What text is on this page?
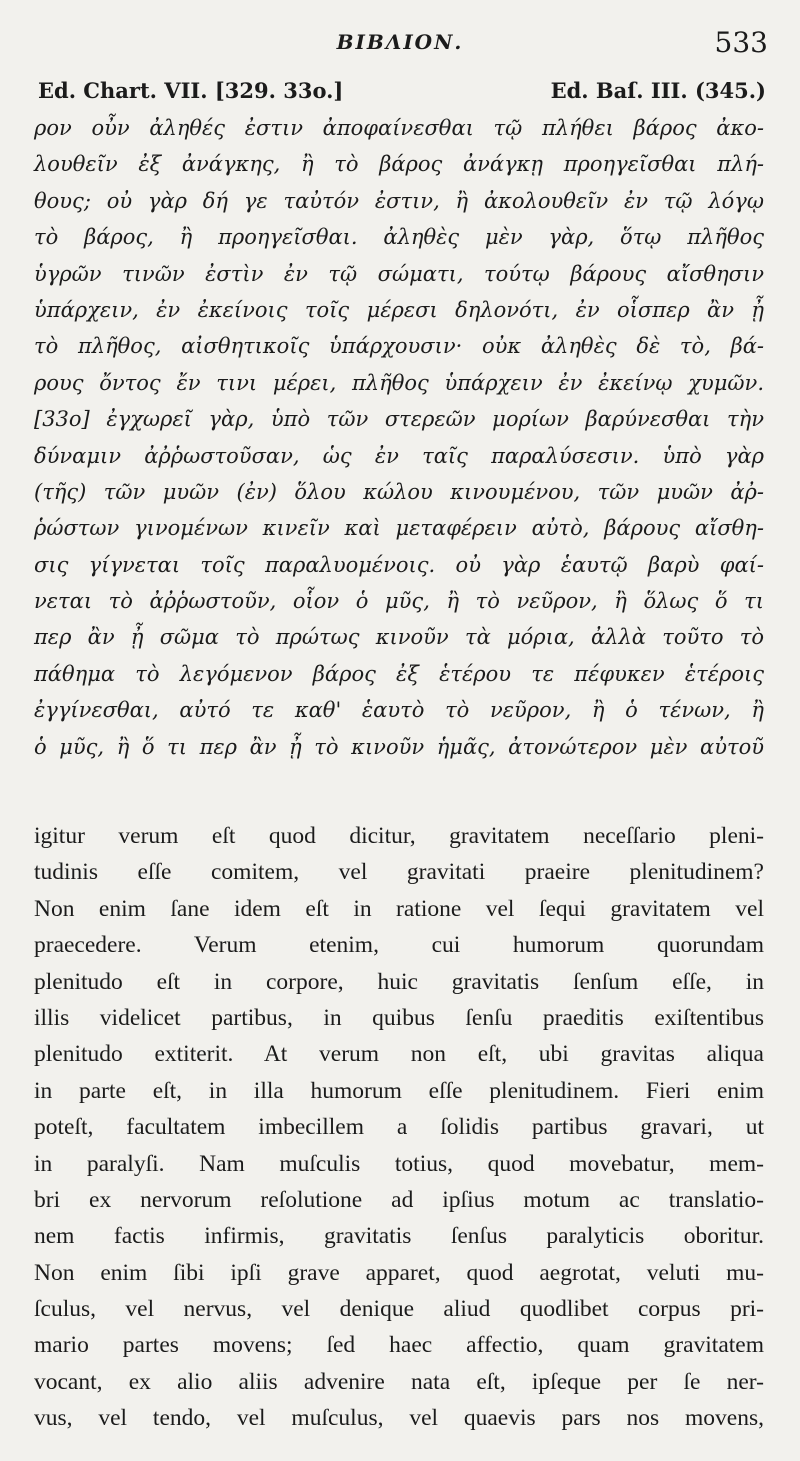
ΒΙΒΛΙΟΝ.	533
Ed. Chart. VII. [329. 33o.]	Ed. Baſ. III. (345.)
ρον οὖν ἀληθές ἐστιν ἀποφαίνεσθαι τῷ πλήθει βάρος ἀκο-
λουθεῖν ἐξ ἀνάγκης, ἢ τὸ βάρος ἀνάγκῃ προηγεῖσθαι πλή-
θους; οὐ γὰρ δή γε ταὐτόν ἐστιν, ἢ ἀκολουθεῖν ἐν τῷ λόγῳ
τὸ βάρος, ἢ προηγεῖσθαι. ἀληθὲς μὲν γὰρ, ὅτῳ πλῆθος
ὑγρῶν τινῶν ἐστὶν ἐν τῷ σώματι, τούτῳ βάρους αἴσθησιν
ὑπάρχειν, ἐν ἐκείνοις τοῖς μέρεσι δηλονότι, ἐν οἷσπερ ἂν ᾖ
τὸ πλῆθος, αἰσθητικοῖς ὑπάρχουσιν· οὐκ ἀληθὲς δὲ τὸ, βά-
ρους ὄντος ἔν τινι μέρει, πλῆθος ὑπάρχειν ἐν ἐκείνῳ χυμῶν.
[33o] ἐγχωρεῖ γὰρ, ὑπὸ τῶν στερεῶν μορίων βαρύνεσθαι τὴν
δύναμιν ἀῤῥωστοῦσαν, ὡς ἐν ταῖς παραλύσεσιν. ὑπὸ γὰρ
(τῆς) τῶν μυῶν (ἐν) ὅλου κώλου κινουμένου, τῶν μυῶν ἀῤ-
ῥώστων γινομένων κινεῖν καὶ μεταφέρειν αὐτὸ, βάρους αἴσθη-
σις γίγνεται τοῖς παραλυομένοις. οὐ γὰρ ἑαυτῷ βαρὺ φαί-
νεται τὸ ἀῤῥωστοῦν, οἷον ὁ μῦς, ἢ τὸ νεῦρον, ἢ ὅλως ὅ τι
περ ἂν ᾖ σῶμα τὸ πρώτως κινοῦν τὰ μόρια, ἀλλὰ τοῦτο τὸ
πάθημα τὸ λεγόμενον βάρος ἐξ ἑτέρου τε πέφυκεν ἑτέροις
ἐγγίνεσθαι, αὐτό τε καθ' ἑαυτὸ τὸ νεῦρον, ἢ ὁ τένων, ἢ
ὁ μῦς, ἢ ὅ τι περ ἂν ᾖ τὸ κινοῦν ἡμᾶς, ἀτονώτερον μὲν αὐτοῦ
igitur verum eſt quod dicitur, gravitatem neceſſario pleni-
tudinis eſſe comitem, vel gravitati praeire plenitudinem?
Non enim ſane idem eſt in ratione vel ſequi gravitatem vel
praecedere. Verum etenim, cui humorum quorundam
plenitudo eſt in corpore, huic gravitatis ſenſum eſſe, in
illis videlicet partibus, in quibus ſenſu praeditis exiſtentibus
plenitudo extiterit. At verum non eſt, ubi gravitas aliqua
in parte eſt, in illa humorum eſſe plenitudinem. Fieri enim
poteſt, facultatem imbecillem a ſolidis partibus gravari, ut
in paralyſi. Nam muſculis totius, quod movebatur, mem-
bri ex nervorum reſolutione ad ipſius motum ac translatio-
nem factis infirmis, gravitatis ſenſus paralyticis oboritur.
Non enim ſibi ipſi grave apparet, quod aegrotat, veluti mu-
ſculus, vel nervus, vel denique aliud quodlibet corpus pri-
mario partes movens; ſed haec affectio, quam gravitatem
vocant, ex alio aliis advenire nata eſt, ipſeque per ſe ner-
vus, vel tendo, vel muſculus, vel quaevis pars nos movens,
